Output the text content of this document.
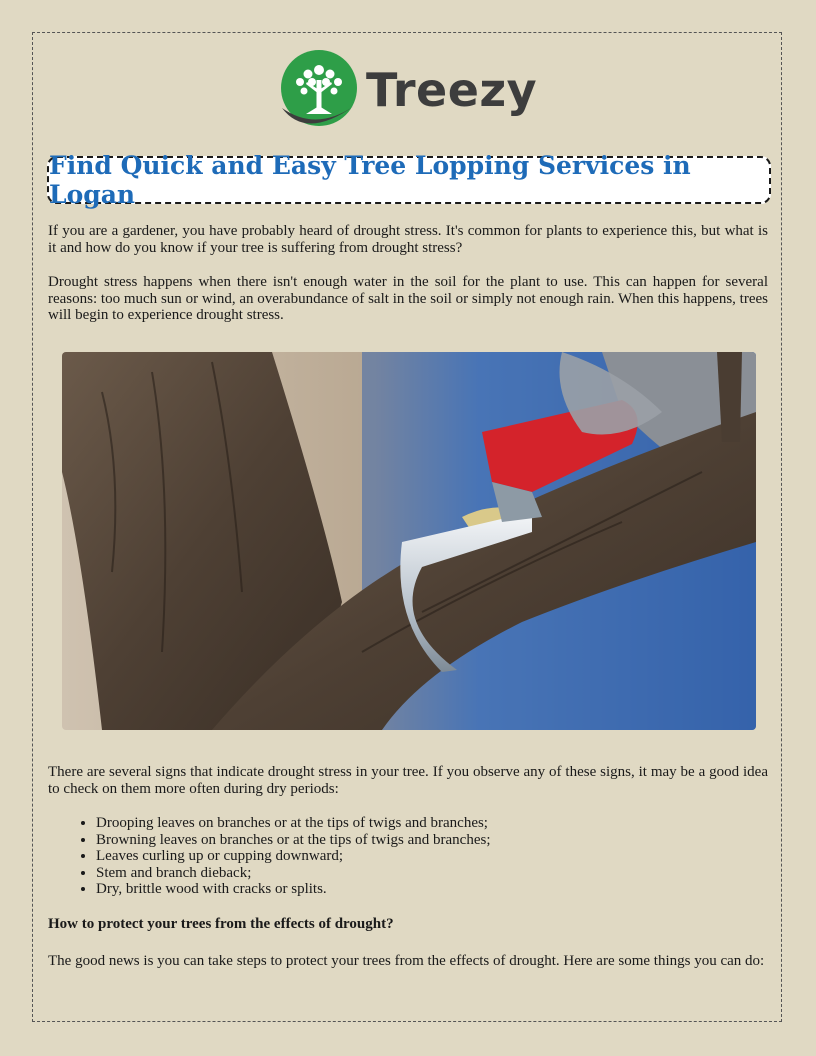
Treezy
Find Quick and Easy Tree Lopping Services in Logan

If you are a gardener, you have probably heard of drought stress. It's common for plants to experience this, but what is it and how do you know if your tree is suffering from drought stress?

Drought stress happens when there isn't enough water in the soil for the plant to use. This can happen for several reasons: too much sun or wind, an overabundance of salt in the soil or simply not enough rain. When this happens, trees will begin to experience drought stress.

There are several signs that indicate drought stress in your tree. If you observe any of these signs, it may be a good idea to check on them more often during dry periods:

• Drooping leaves on branches or at the tips of twigs and branches;
• Browning leaves on branches or at the tips of twigs and branches;
• Leaves curling up or cupping downward;
• Stem and branch dieback;
• Dry, brittle wood with cracks or splits.
How to protect your trees from the effects of drought?

The good news is you can take steps to protect your trees from the effects of drought. Here are some things you can do:
